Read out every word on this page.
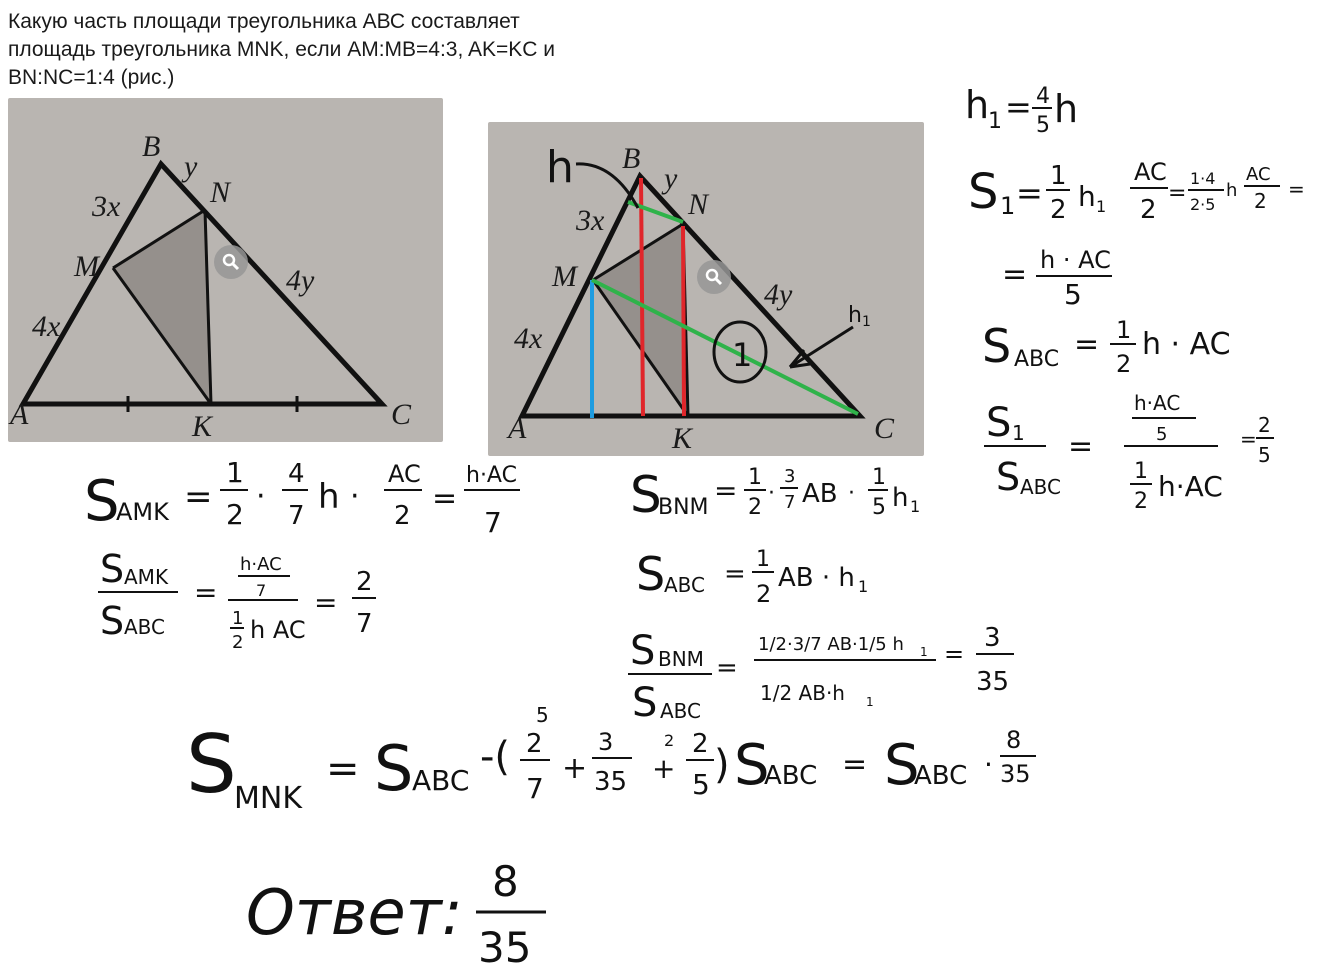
Какую часть площади треугольника АВС составляет
площадь треугольника MNK, если AM:MB=4:3, AK=KC и
BN:NC=1:4 (рис.)
A
B
C
M
N
K
3x
4x
y
4y
A
B
C
M
N
K
3x
4x
y
4y
h
1
h1
h
1 = 4
5 h
S 1 = 1
2 h 1
AC
2
=
1·4
2·5
h
AC
2 =
= h · AC
5
S ABC = 1
2
h · AC
S 1
S ABC
=
h·AC
5
1
2 h·AC
=
2
5
S
AMK =
1
2
·
4
7 h ·
AC
2 =
h·AC
7
S AMK
S ABC
=
h·AC
7
1
2 h AC
=
2
7
S
BNM
= 1
2
·
3
7 AB ·
1
5 h 1
S
ABC = 1
2
AB · h 1
S BNM
S ABC
=
1/2·3/7 AB·1/5 h 1
1/2 AB·h 1
=
3
35
S
MNK
= S
ABC
-(
5
2
7
+
3
35 +
2 2
5 ) S
ABC = S
ABC ·
8
35
Ответ: 8
35
